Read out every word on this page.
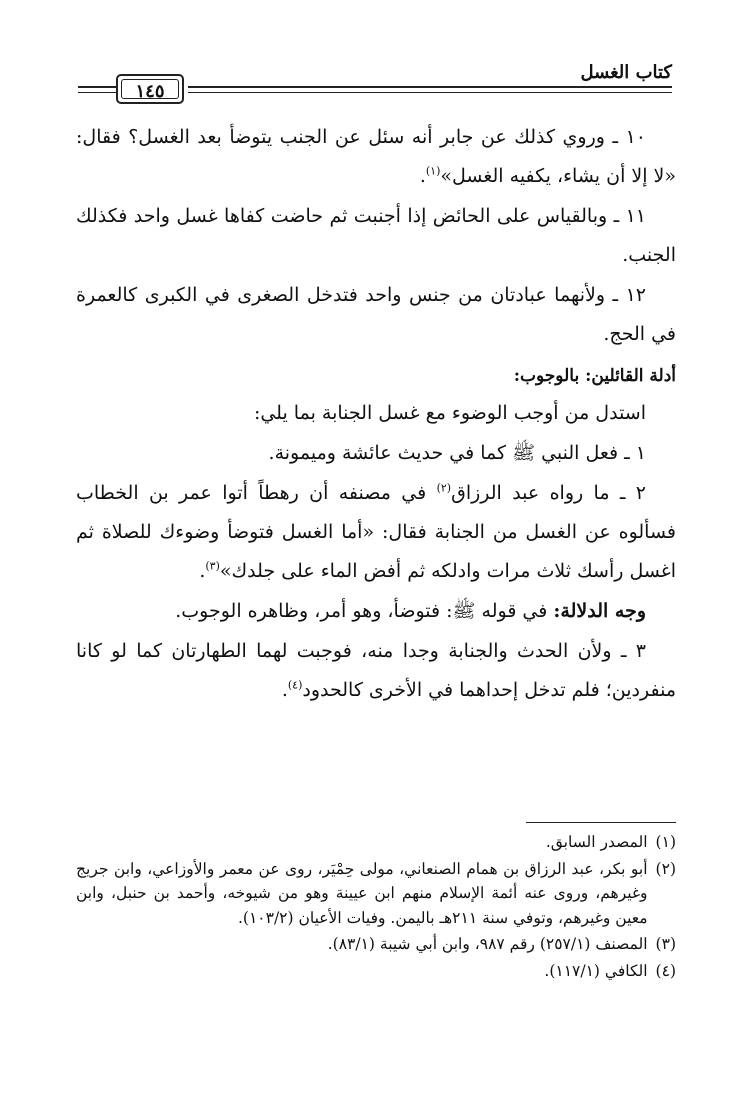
كتاب الغسل
١٤٥

١٠ ـ وروي كذلك عن جابر أنه سئل عن الجنب يتوضأ بعد الغسل؟ فقال: «لا إلا أن يشاء، يكفيه الغسل»$^{(١)}$.

١١ ـ وبالقياس على الحائض إذا أجنبت ثم حاضت كفاها غسل واحد فكذلك الجنب.

١٢ ـ ولأنهما عبادتان من جنس واحد فتدخل الصغرى في الكبرى كالعمرة في الحج.

أدلة القائلين: بالوجوب:

استدل من أوجب الوضوء مع غسل الجنابة بما يلي:

١ ـ فعل النبي ﷺ كما في حديث عائشة وميمونة.

٢ ـ ما رواه عبد الرزاق$^{(٢)}$ في مصنفه أن رهطاً أتوا عمر بن الخطاب فسألوه عن الغسل من الجنابة فقال: «أما الغسل فتوضأ وضوءك للصلاة ثم اغسل رأسك ثلاث مرات وادلكه ثم أفض الماء على جلدك»$^{(٣)}$.

وجه الدلالة: في قوله ﷺ: فتوضأ، وهو أمر، وظاهره الوجوب.

٣ ـ ولأن الحدث والجنابة وجدا منه، فوجبت لهما الطهارتان كما لو كانا منفردين؛ فلم تدخل إحداهما في الأخرى كالحدود$^{(٤)}$.

(١)
المصدر السابق.
(٢)
أبو بكر، عبد الرزاق بن همام الصنعاني، مولى حِمْيَر، روى عن معمر والأوزاعي، وابن جريج وغيرهم، وروى عنه أئمة الإسلام منهم ابن عيينة وهو من شيوخه، وأحمد بن حنبل، وابن معين وغيرهم، وتوفي سنة ٢١١هـ باليمن. وفيات الأعيان (١٠٣/٢).
(٣)
المصنف (٢٥٧/١) رقم ٩٨٧، وابن أبي شيبة (٨٣/١).
(٤)
الكافي (١١٧/١).
